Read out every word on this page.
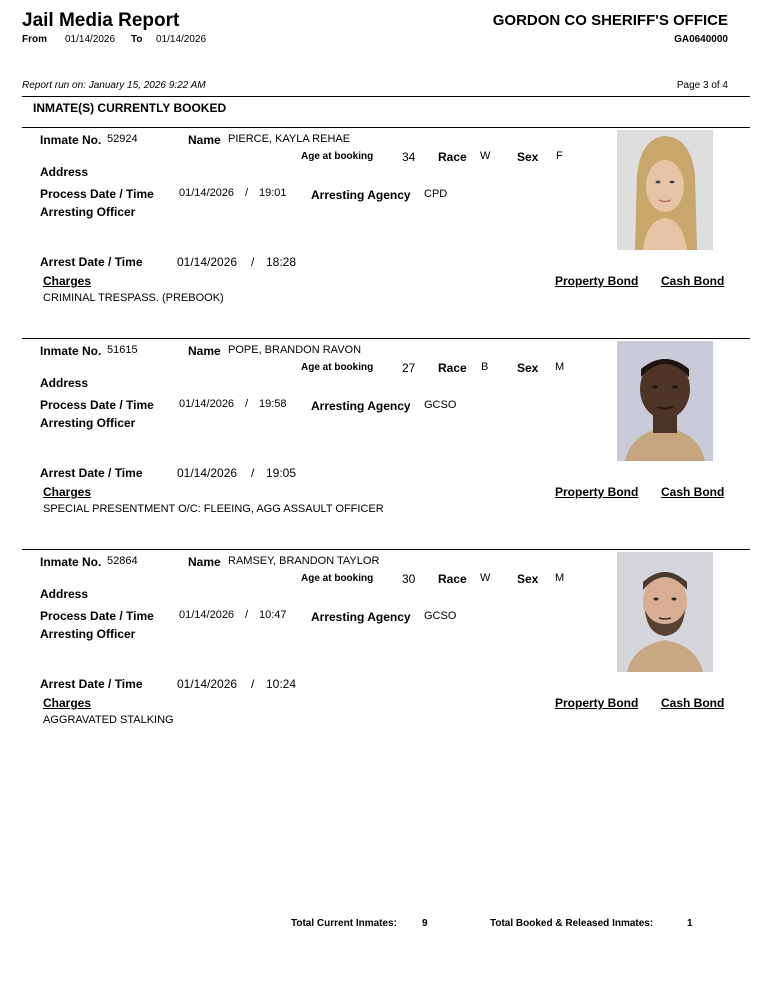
Jail Media Report
From 01/14/2026 To 01/14/2026
GORDON CO SHERIFF'S OFFICE
GA0640000
Report run on: January 15, 2026 9:22 AM	Page 3 of 4
INMATE(S) CURRENTLY BOOKED
Inmate No. 52924	Name PIERCE, KAYLA REHAE
Age at booking 34 Race W Sex F
Address
Process Date / Time 01/14/2026 / 19:01 Arresting Agency CPD
Arresting Officer
Arrest Date / Time	01/14/2026 / 18:28
Charges	Property Bond Cash Bond
CRIMINAL TRESPASS. (PREBOOK)
Inmate No. 51615	Name POPE, BRANDON RAVON
Age at booking 27 Race B Sex M
Address
Process Date / Time 01/14/2026 / 19:58 Arresting Agency GCSO
Arresting Officer
Arrest Date / Time	01/14/2026 / 19:05
Charges	Property Bond Cash Bond
SPECIAL PRESENTMENT O/C: FLEEING, AGG ASSAULT OFFICER
Inmate No. 52864	Name RAMSEY, BRANDON TAYLOR
Age at booking 30 Race W Sex M
Address
Process Date / Time 01/14/2026 / 10:47 Arresting Agency GCSO
Arresting Officer
Arrest Date / Time	01/14/2026 / 10:24
Charges	Property Bond Cash Bond
AGGRAVATED STALKING
Total Current Inmates:	9	Total Booked & Released Inmates:	1
